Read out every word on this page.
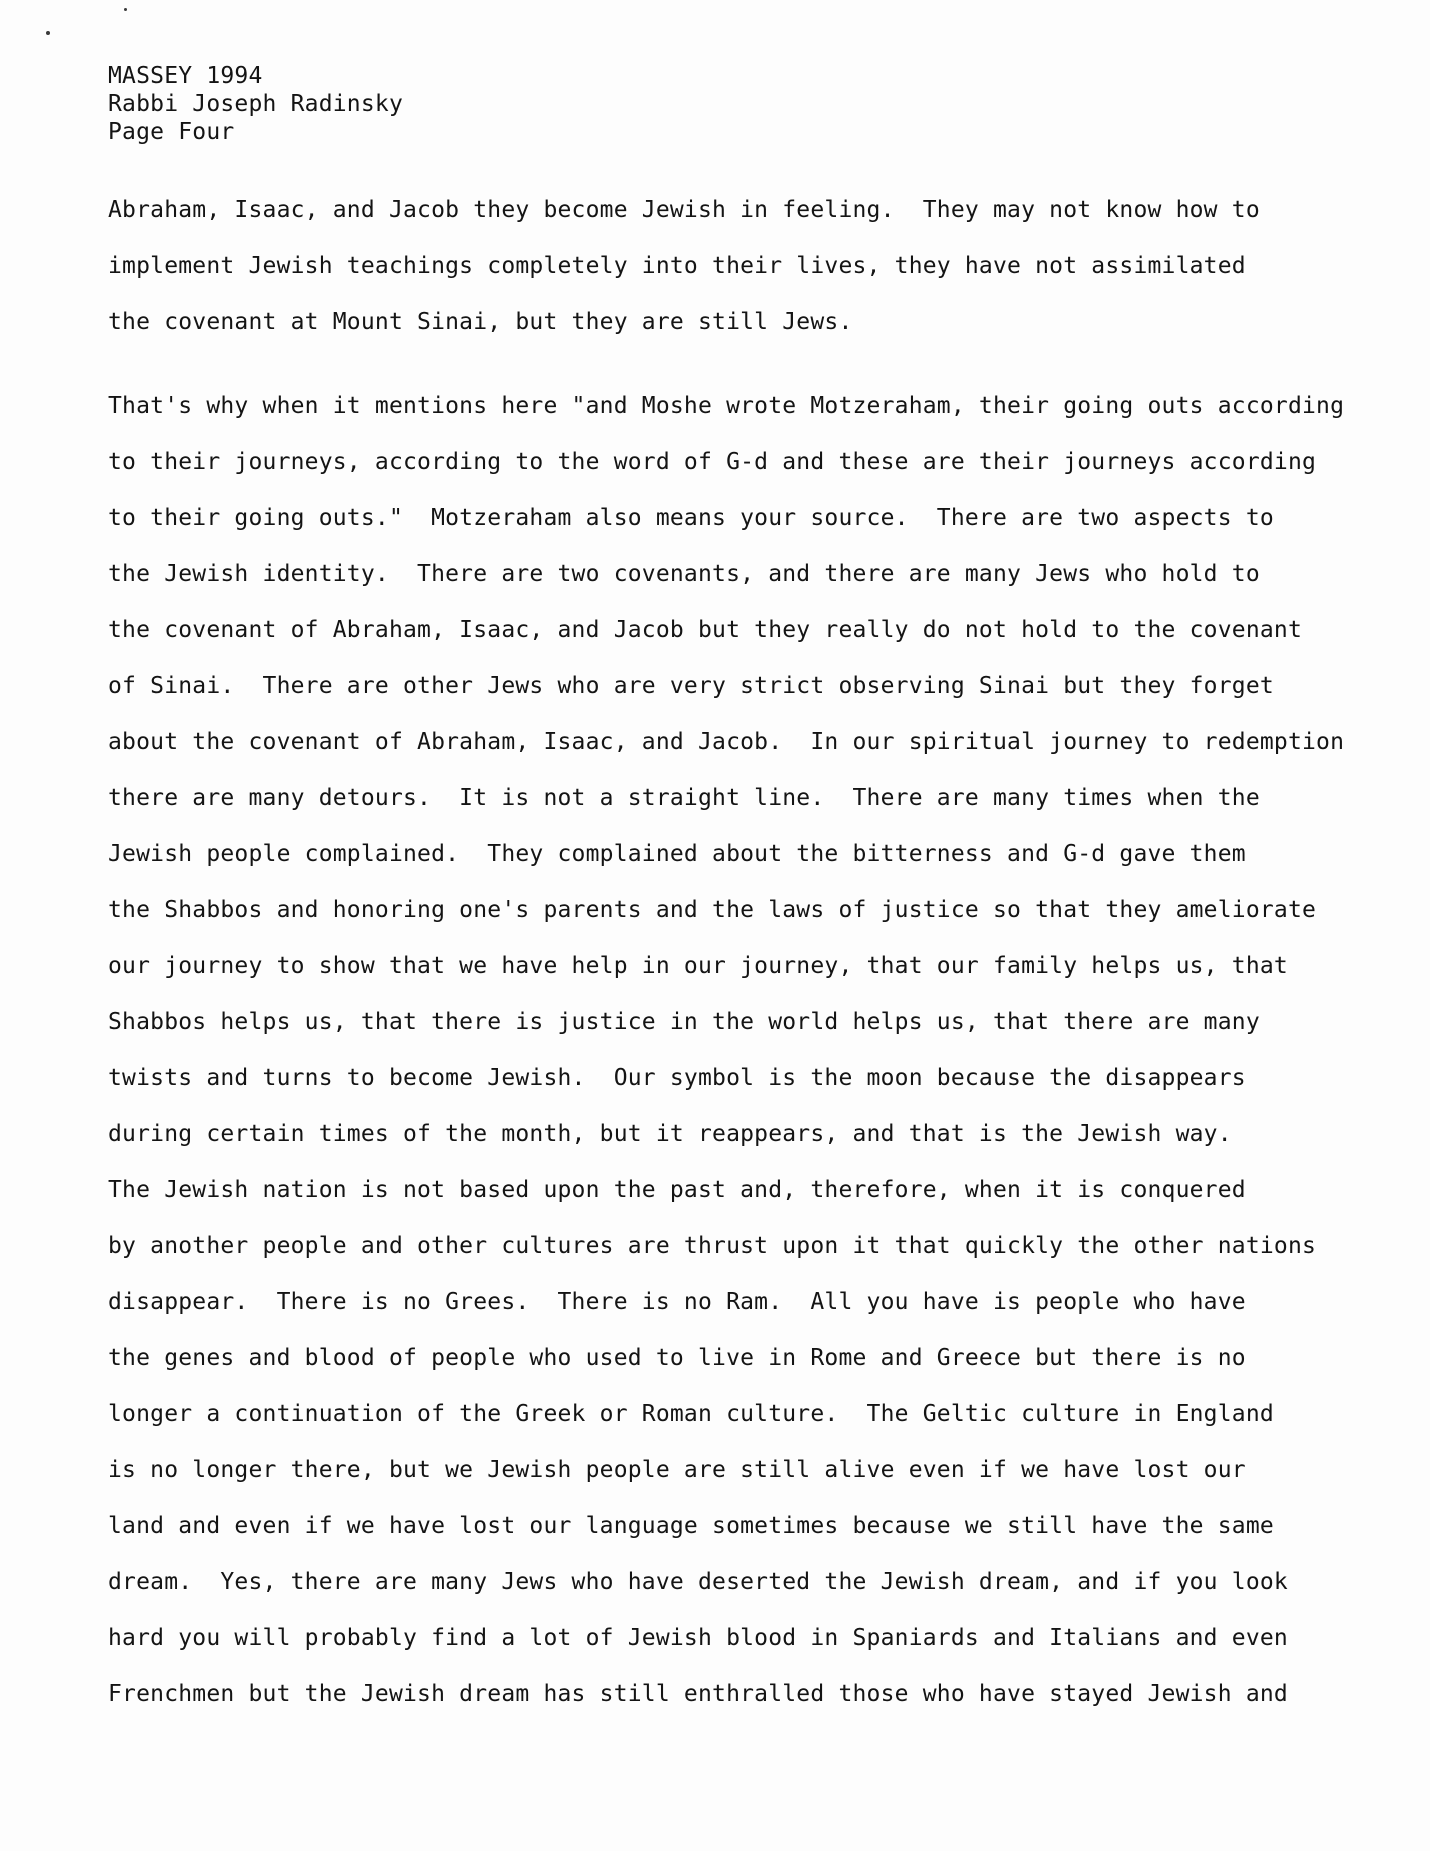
MASSEY 1994
Rabbi Joseph Radinsky
Page Four
Abraham, Isaac, and Jacob they become Jewish in feeling.  They may not know how to
implement Jewish teachings completely into their lives, they have not assimilated
the covenant at Mount Sinai, but they are still Jews.
That's why when it mentions here "and Moshe wrote Motzeraham, their going outs according
to their journeys, according to the word of G-d and these are their journeys according
to their going outs."  Motzeraham also means your source.  There are two aspects to
the Jewish identity.  There are two covenants, and there are many Jews who hold to
the covenant of Abraham, Isaac, and Jacob but they really do not hold to the covenant
of Sinai.  There are other Jews who are very strict observing Sinai but they forget
about the covenant of Abraham, Isaac, and Jacob.  In our spiritual journey to redemption
there are many detours.  It is not a straight line.  There are many times when the
Jewish people complained.  They complained about the bitterness and G-d gave them
the Shabbos and honoring one's parents and the laws of justice so that they ameliorate
our journey to show that we have help in our journey, that our family helps us, that
Shabbos helps us, that there is justice in the world helps us, that there are many
twists and turns to become Jewish.  Our symbol is the moon because the disappears
during certain times of the month, but it reappears, and that is the Jewish way.
The Jewish nation is not based upon the past and, therefore, when it is conquered
by another people and other cultures are thrust upon it that quickly the other nations
disappear.  There is no Grees.  There is no Ram.  All you have is people who have
the genes and blood of people who used to live in Rome and Greece but there is no
longer a continuation of the Greek or Roman culture.  The Geltic culture in England
is no longer there, but we Jewish people are still alive even if we have lost our
land and even if we have lost our language sometimes because we still have the same
dream.  Yes, there are many Jews who have deserted the Jewish dream, and if you look
hard you will probably find a lot of Jewish blood in Spaniards and Italians and even
Frenchmen but the Jewish dream has still enthralled those who have stayed Jewish and
